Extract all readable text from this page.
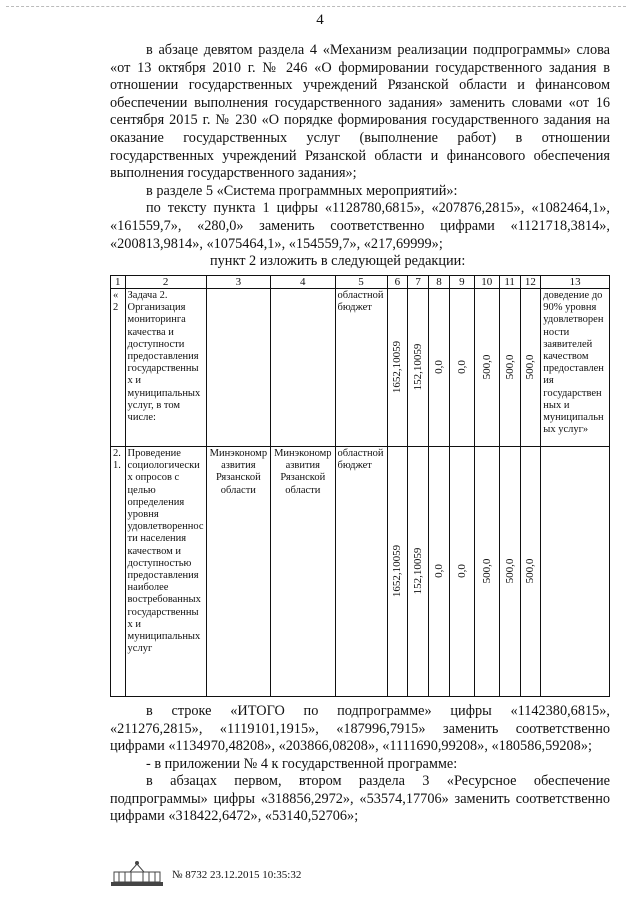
4

в абзаце девятом раздела 4 «Механизм реализации подпрограммы» слова «от 13 октября 2010 г. № 246 «О формировании государственного задания в отношении государственных учреждений Рязанской области и финансовом обеспечении выполнения государственного задания» заменить словами «от 16 сентября 2015 г. № 230 «О порядке формирования государственного задания на оказание государственных услуг (выполнение работ) в отношении государственных учреждений Рязанской области и финансового обеспечения выполнения государственного задания»;

в разделе 5 «Система программных мероприятий»:

по тексту пункта 1 цифры «1128780,6815», «207876,2815», «1082464,1», «161559,7», «280,0» заменить соответственно цифрами «1121718,3814», «200813,9814», «1075464,1», «154559,7», «217,69999»;

пункт 2 изложить в следующей редакции:

1	2	3	4	5	6	7	8	9	10	11	12	13
«2	Задача 2. Организация мониторинга качества и доступности предоставления государственных и муниципальных услуг, в том числе:			областной бюджет	1652,10059	152,10059	0,0	0,0	500,0	500,0	500,0	доведение до 90% уровня удовлетворенности заявителей качеством предоставления государственных и муниципальных услуг»
2.1.	Проведение социологических опросов с целью определения уровня удовлетворенности населения качеством и доступностью предоставления наиболее востребованных государственных и муниципальных услуг	Минэкономразвития Рязанской области	Минэкономразвития Рязанской области	областной бюджет	1652,10059	152,10059	0,0	0,0	500,0	500,0	500,0	

в строке «ИТОГО по подпрограмме» цифры «1142380,6815», «211276,2815», «1119101,1915», «187996,7915» заменить соответственно цифрами «1134970,48208», «203866,08208», «1111690,99208», «180586,59208»;

- в приложении № 4 к государственной программе:

в абзацах первом, втором раздела 3 «Ресурсное обеспечение подпрограммы» цифры «318856,2972», «53574,17706» заменить соответственно цифрами «318422,6472», «53140,52706»;

№ 8732 23.12.2015 10:35:32
